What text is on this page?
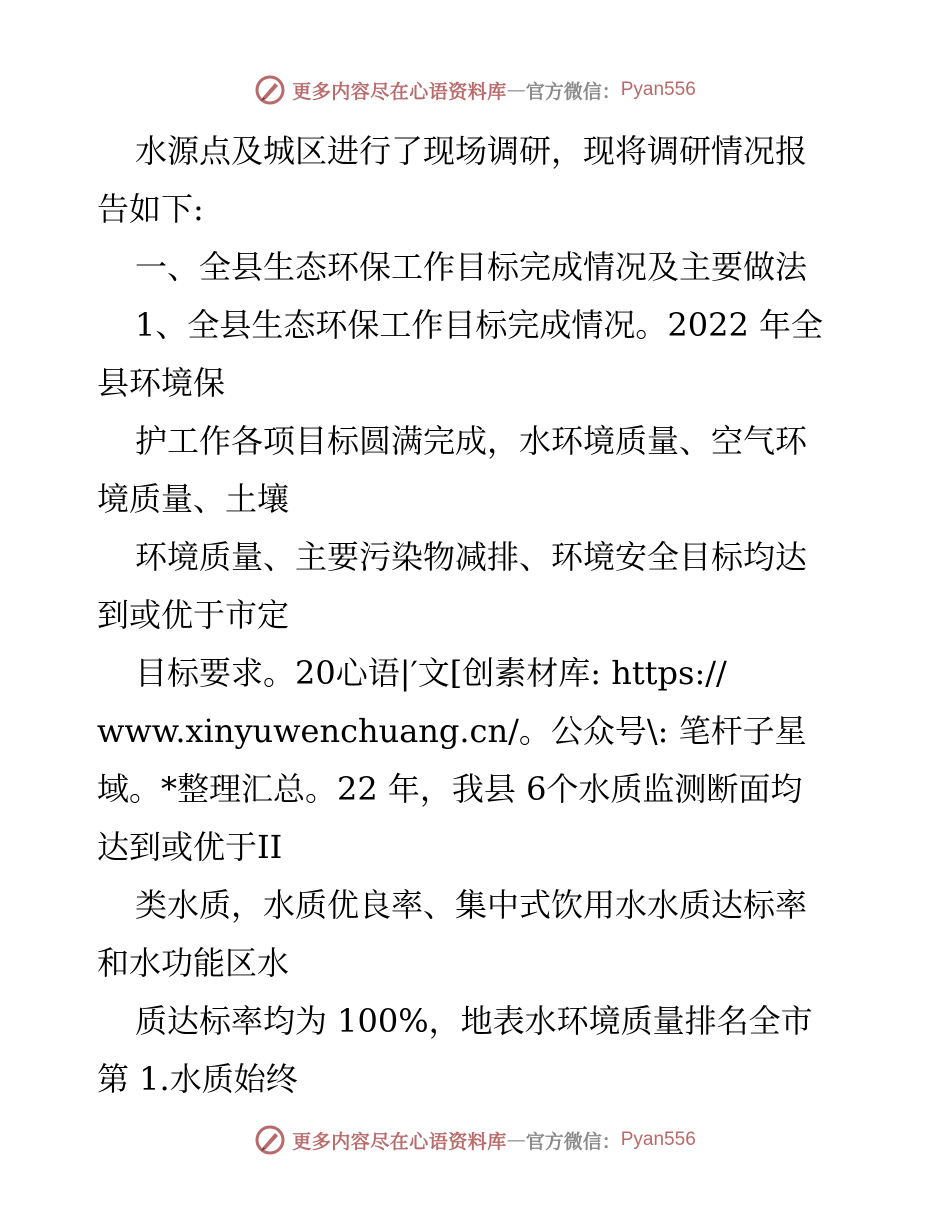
更多内容尽在心语资料库 — 官方微信： Pyan556
水源点及城区进行了现场调研，现将调研情况报
告如下:
一、全县生态环保工作目标完成情况及主要做法
1、全县生态环保工作目标完成情况。2022 年全
县环境保
护工作各项目标圆满完成，水环境质量、空气环
境质量、土壤
环境质量、主要污染物减排、环境安全目标均达
到或优于市定
目标要求。20心语|′文[创素材库: https://
www.xinyuwenchuang.cn/。公众号\: 笔杆子星
域。*整理汇总。22 年，我县 6个水质监测断面均
达到或优于II
类水质，水质优良率、集中式饮用水水质达标率
和水功能区水
质达标率均为 100%，地表水环境质量排名全市
第 1.水质始终
更多内容尽在心语资料库 — 官方微信： Pyan556
